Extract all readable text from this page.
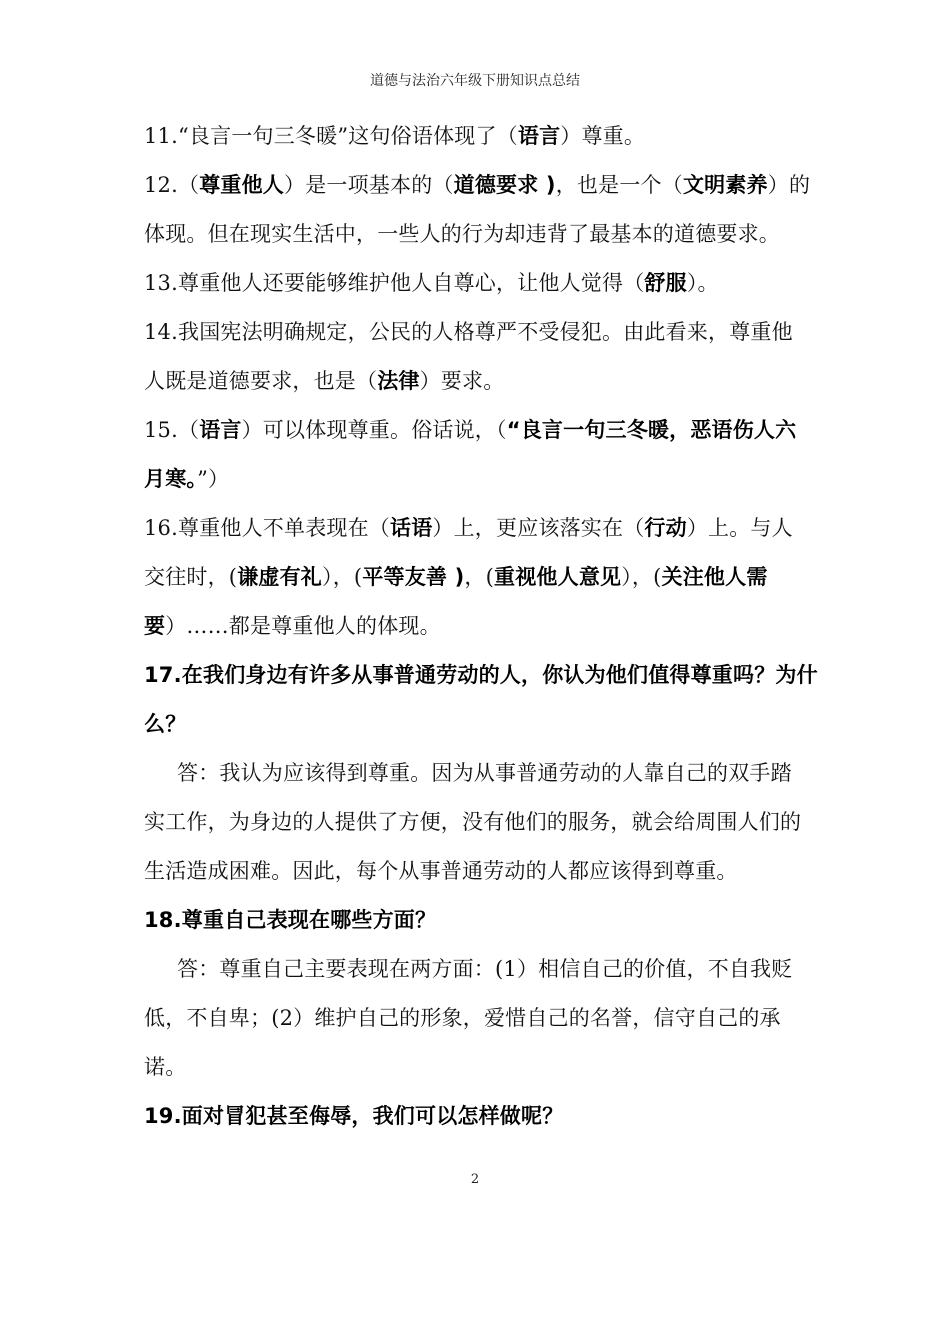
道德与法治六年级下册知识点总结
11.“良言一句三冬暖”这句俗语体现了（语言）尊重。
12.（尊重他人）是一项基本的（道德要求 )，也是一个（文明素养）的
体现。但在现实生活中，一些人的行为却违背了最基本的道德要求。
13.尊重他人还要能够维护他人自尊心，让他人觉得（舒服）。
14.我国宪法明确规定，公民的人格尊严不受侵犯。由此看来，尊重他
人既是道德要求，也是（法律）要求。
15.（语言）可以体现尊重。俗话说，（“良言一句三冬暖，恶语伤人六
月寒。”）
16.尊重他人不单表现在（话语）上，更应该落实在（行动）上。与人
交往时，(谦虚有礼），(平等友善 )，(重视他人意见），(关注他人需
要）……都是尊重他人的体现。
17.在我们身边有许多从事普通劳动的人，你认为他们值得尊重吗？为什
么？
答：我认为应该得到尊重。因为从事普通劳动的人靠自己的双手踏
实工作，为身边的人提供了方便，没有他们的服务，就会给周围人们的
生活造成困难。因此，每个从事普通劳动的人都应该得到尊重。
18.尊重自己表现在哪些方面？
答：尊重自己主要表现在两方面：(1）相信自己的价值，不自我贬
低，不自卑；(2）维护自己的形象，爱惜自己的名誉，信守自己的承
诺。
19.面对冒犯甚至侮辱，我们可以怎样做呢？
2
